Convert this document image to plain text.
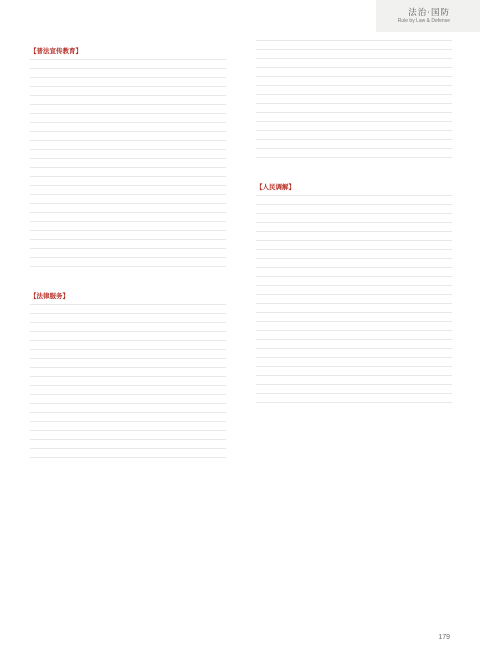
法治·国防
Rule by Law & Defense
【普法宣传教育】
【法律服务】
【人民调解】
179
